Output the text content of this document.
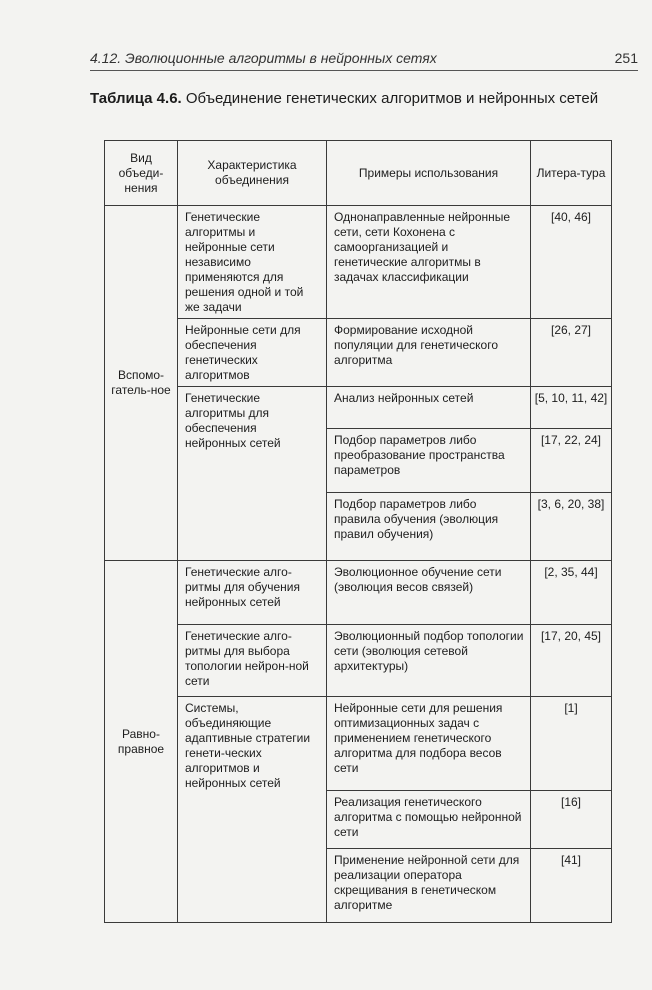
4.12. Эволюционные алгоритмы в нейронных сетях	251
Таблица 4.6. Объединение генетических алгоритмов и нейронных сетей
Вид объеди-нения	Характеристика объединения	Примеры использования	Литера-тура
Вспомо-гатель-ное	Генетические алгоритмы и нейронные сети независимо применяются для решения одной и той же задачи	Однонаправленные нейронные сети, сети Кохонена с самоорганизацией и генетические алгоритмы в задачах классификации	[40, 46]
	Нейронные сети для обеспечения генетических алгоритмов	Формирование исходной популяции для генетического алгоритма	[26, 27]
	Генетические алгоритмы для обеспечения нейронных сетей	Анализ нейронных сетей	[5, 10, 11, 42]
		Подбор параметров либо преобразование пространства параметров	[17, 22, 24]
		Подбор параметров либо правила обучения (эволюция правил обучения)	[3, 6, 20, 38]
Равно-правное	Генетические алго-ритмы для обучения нейронных сетей	Эволюционное обучение сети (эволюция весов связей)	[2, 35, 44]
	Генетические алго-ритмы для выбора топологии нейрон-ной сети	Эволюционный подбор топологии сети (эволюция сетевой архитектуры)	[17, 20, 45]
	Системы, объединяющие адаптивные стратегии генети-ческих алгоритмов и нейронных сетей	Нейронные сети для решения оптимизационных задач с применением генетического алгоритма для подбора весов сети	[1]
		Реализация генетического алгоритма с помощью нейронной сети	[16]
		Применение нейронной сети для реализации оператора скрещивания в генетическом алгоритме	[41]
